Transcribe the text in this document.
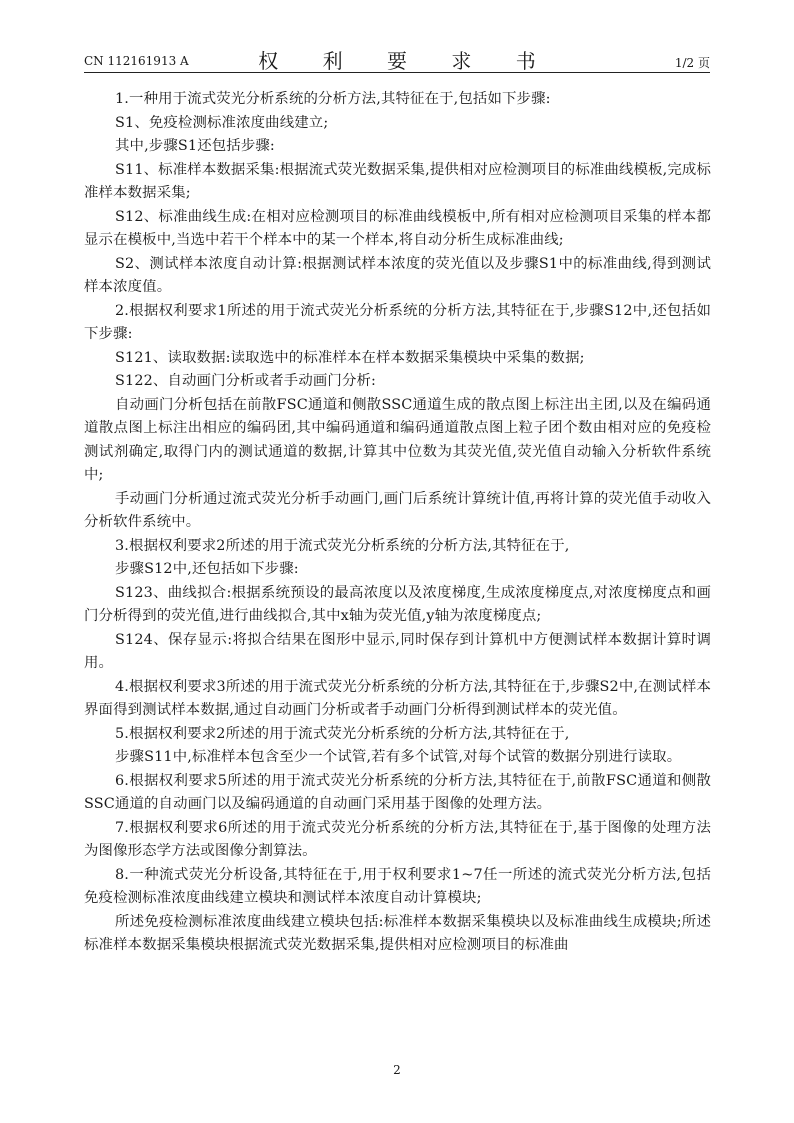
CN 112161913 A	权 利 要 求 书	1/2 页

1.一种用于流式荧光分析系统的分析方法,其特征在于,包括如下步骤:

S1、免疫检测标准浓度曲线建立;

其中,步骤S1还包括步骤:

S11、标准样本数据采集:根据流式荧光数据采集,提供相对应检测项目的标准曲线模板,完成标准样本数据采集;

S12、标准曲线生成:在相对应检测项目的标准曲线模板中,所有相对应检测项目采集的样本都显示在模板中,当选中若干个样本中的某一个样本,将自动分析生成标准曲线;

S2、测试样本浓度自动计算:根据测试样本浓度的荧光值以及步骤S1中的标准曲线,得到测试样本浓度值。

2.根据权利要求1所述的用于流式荧光分析系统的分析方法,其特征在于,步骤S12中,还包括如下步骤:

S121、读取数据:读取选中的标准样本在样本数据采集模块中采集的数据;

S122、自动画门分析或者手动画门分析:

自动画门分析包括在前散FSC通道和侧散SSC通道生成的散点图上标注出主团,以及在编码通道散点图上标注出相应的编码团,其中编码通道和编码通道散点图上粒子团个数由相对应的免疫检测试剂确定,取得门内的测试通道的数据,计算其中位数为其荧光值,荧光值自动输入分析软件系统中;

手动画门分析通过流式荧光分析手动画门,画门后系统计算统计值,再将计算的荧光值手动收入分析软件系统中。

3.根据权利要求2所述的用于流式荧光分析系统的分析方法,其特征在于,

步骤S12中,还包括如下步骤:

S123、曲线拟合:根据系统预设的最高浓度以及浓度梯度,生成浓度梯度点,对浓度梯度点和画门分析得到的荧光值,进行曲线拟合,其中x轴为荧光值,y轴为浓度梯度点;

S124、保存显示:将拟合结果在图形中显示,同时保存到计算机中方便测试样本数据计算时调用。

4.根据权利要求3所述的用于流式荧光分析系统的分析方法,其特征在于,步骤S2中,在测试样本界面得到测试样本数据,通过自动画门分析或者手动画门分析得到测试样本的荧光值。

5.根据权利要求2所述的用于流式荧光分析系统的分析方法,其特征在于,

步骤S11中,标准样本包含至少一个试管,若有多个试管,对每个试管的数据分别进行读取。

6.根据权利要求5所述的用于流式荧光分析系统的分析方法,其特征在于,前散FSC通道和侧散SSC通道的自动画门以及编码通道的自动画门采用基于图像的处理方法。

7.根据权利要求6所述的用于流式荧光分析系统的分析方法,其特征在于,基于图像的处理方法为图像形态学方法或图像分割算法。

8.一种流式荧光分析设备,其特征在于,用于权利要求1~7任一所述的流式荧光分析方法,包括免疫检测标准浓度曲线建立模块和测试样本浓度自动计算模块;

所述免疫检测标准浓度曲线建立模块包括:标准样本数据采集模块以及标准曲线生成模块;所述标准样本数据采集模块根据流式荧光数据采集,提供相对应检测项目的标准曲

2
